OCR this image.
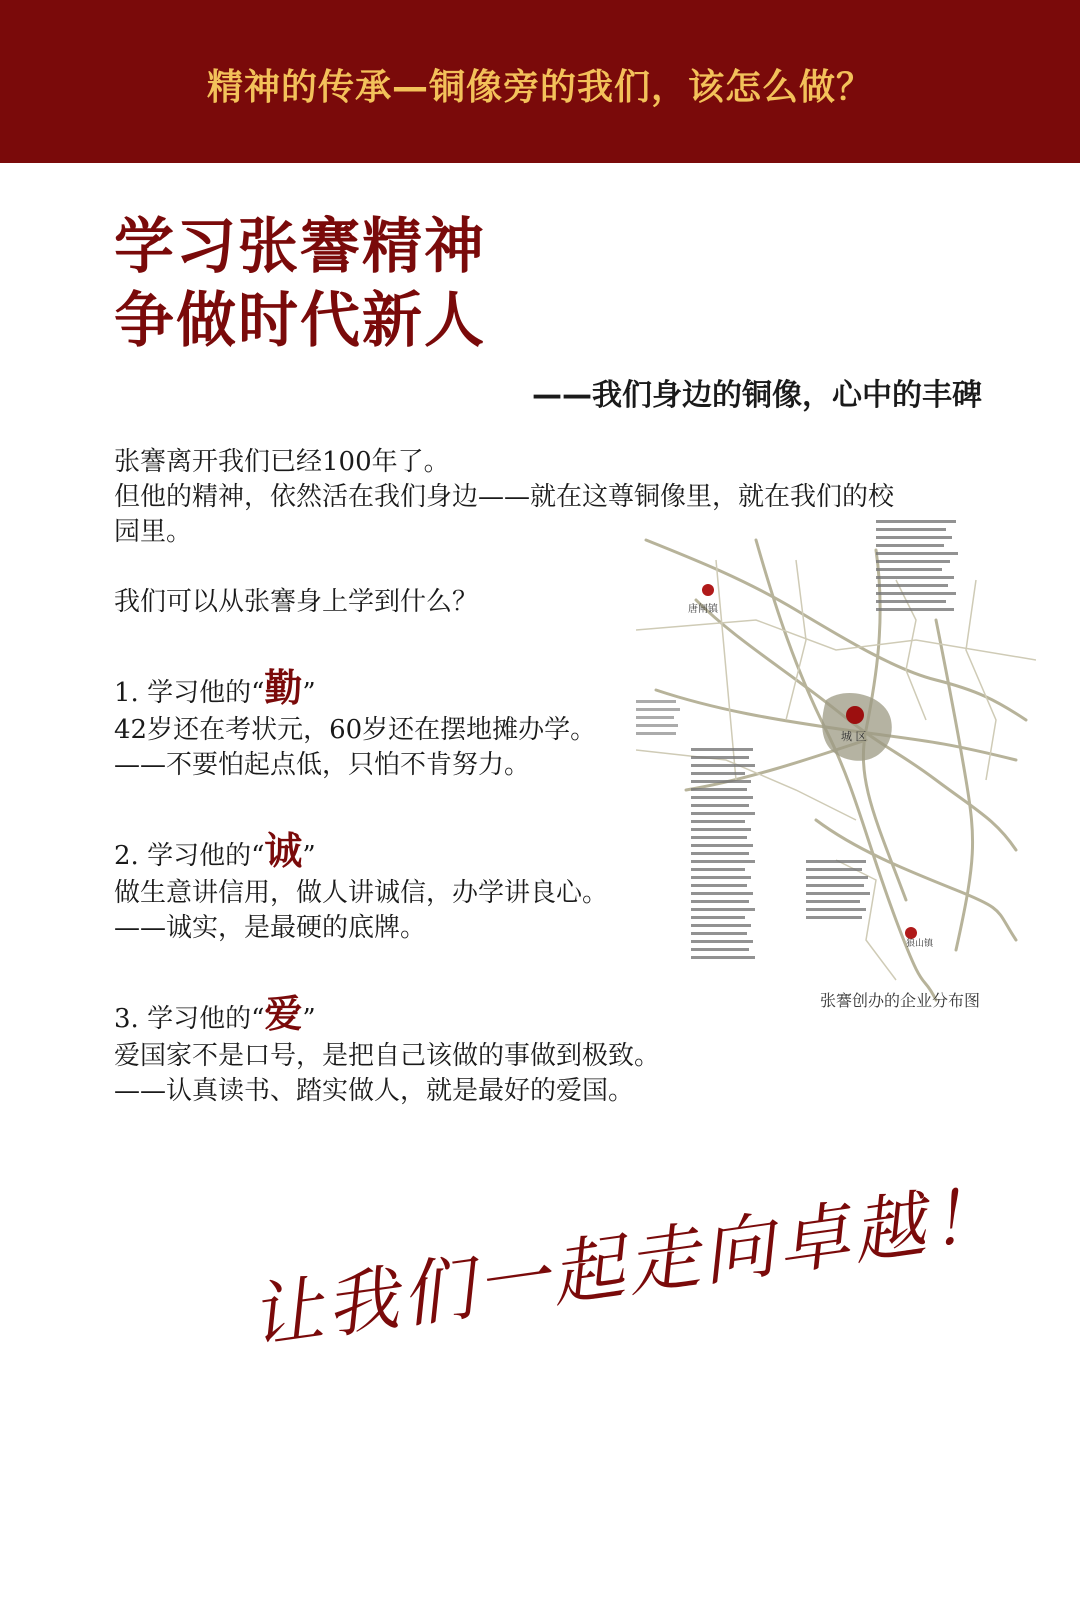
精神的传承—铜像旁的我们，该怎么做？
学习张謇精神
争做时代新人
——我们身边的铜像，心中的丰碑

张謇离开我们已经100年了。

但他的精神，依然活在我们身边——就在这尊铜像里，就在我们的校

园里。

我们可以从张謇身上学到什么？

1. 学习他的“勤”

42岁还在考状元，60岁还在摆地摊办学。

——不要怕起点低，只怕不肯努力。

2. 学习他的“诚”

做生意讲信用，做人讲诚信，办学讲良心。

——诚实，是最硬的底牌。

3. 学习他的“爱”

爱国家不是口号，是把自己该做的事做到极致。

——认真读书、踏实做人，就是最好的爱国。

唐闸镇
城 区
狼山镇
张謇创办的企业分布图
让我们一起走向卓越！
